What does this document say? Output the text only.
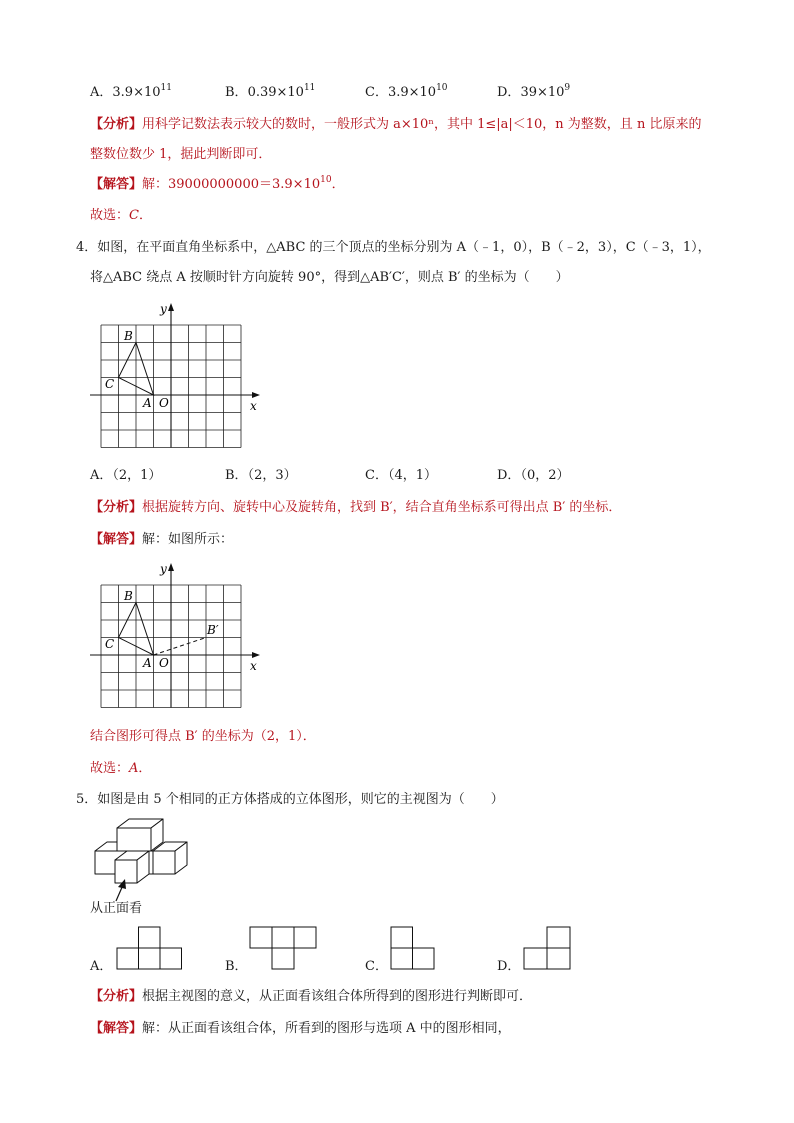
A．$3.9\times 10^{11}$	B．$0.39\times 10^{11}$	C．$3.9\times 10^{10}$	D．$39\times 10^9$
【分析】用科学记数法表示较大的数时，一般形式为 a×10ⁿ，其中 1≤|a|＜10，n 为整数，且 n 比原来的
整数位数少 1，据此判断即可．
【解答】解：$39000000000=3.9\times 10^{10}$．
故选：C．
4．如图，在平面直角坐标系中，△ABC 的三个顶点的坐标分别为 A（﹣1，0），B（﹣2，3），C（﹣3，1），
将△ABC 绕点 A 按顺时针方向旋转 90°，得到△AB′C′，则点 B′ 的坐标为（　　）
y
x
O
A
B
C
A．（2，1）	B．（2，3）	C．（4，1）	D．（0，2）
【分析】根据旋转方向、旋转中心及旋转角，找到 B′，结合直角坐标系可得出点 B′ 的坐标．
【解答】解：如图所示：
y
x
O
A
B
C
B′
结合图形可得点 B′ 的坐标为（2，1）．
故选：A．
5．如图是由 5 个相同的正方体搭成的立体图形，则它的主视图为（　　）
从正面看
A．	B．	C．	D．
【分析】根据主视图的意义，从正面看该组合体所得到的图形进行判断即可．
【解答】解：从正面看该组合体，所看到的图形与选项 A 中的图形相同，
